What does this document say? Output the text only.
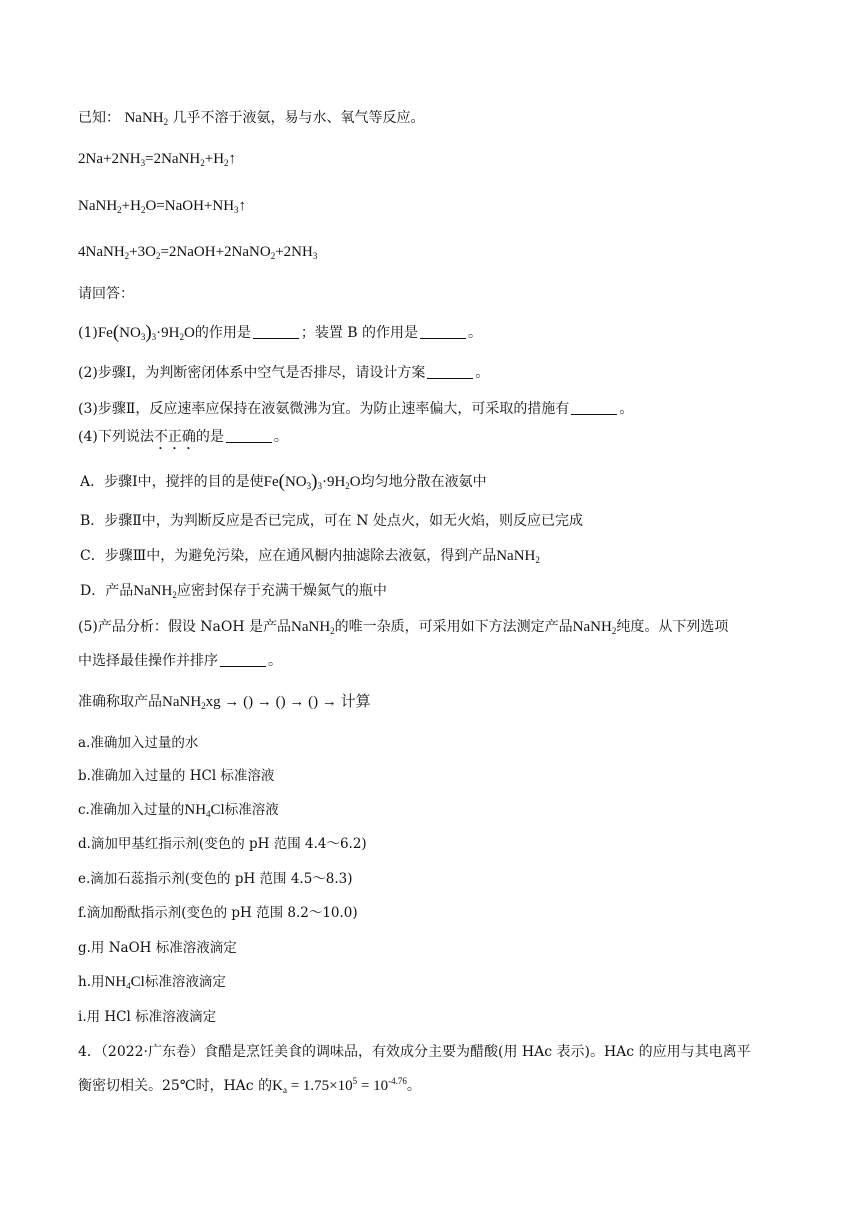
已知： NaNH$_2$ 几乎不溶于液氨，易与水、氧气等反应。
$2Na+2NH_3=2NaNH_2+H_2↑$
$NaNH_2+H_2O=NaOH+NH_3↑$
$4NaNH_2+3O_2=2NaOH+2NaNO_2+2NH_3$
请回答：
$(1)Fe(NO_3)_3\cdot 9H_2O$的作用是	；装置 B 的作用是	。
(2)步骤Ⅰ，为判断密闭体系中空气是否排尽，请设计方案	。
(3)步骤Ⅱ，反应速率应保持在液氨微沸为宜。为防止速率偏大，可采取的措施有	。
(4)下列说法不正确的是	。
A．步骤Ⅰ中，搅拌的目的是使$Fe(NO_3)_3\cdot 9H_2O$均匀地分散在液氨中
B．步骤Ⅱ中，为判断反应是否已完成，可在 N 处点火，如无火焰，则反应已完成
C．步骤Ⅲ中，为避免污染，应在通风橱内抽滤除去液氨，得到产品NaNH$_2$
D．产品NaNH$_2$应密封保存于充满干燥氮气的瓶中
(5)产品分析：假设 NaOH 是产品NaNH$_2$的唯一杂质，可采用如下方法测定产品NaNH$_2$纯度。从下列选项
中选择最佳操作并排序	。
准确称取产品NaNH$_2$xg → () → () → () → 计算
a.准确加入过量的水
b.准确加入过量的 HCl 标准溶液
c.准确加入过量的$NH_4Cl$标准溶液
d.滴加甲基红指示剂(变色的 pH 范围 4.4～6.2)
e.滴加石蕊指示剂(变色的 pH 范围 4.5～8.3)
f.滴加酚酞指示剂(变色的 pH 范围 8.2～10.0)
g.用 NaOH 标准溶液滴定
h.用$NH_4Cl$标准溶液滴定
i.用 HCl 标准溶液滴定
4．（2022·广东卷）食醋是烹饪美食的调味品，有效成分主要为醋酸(用 HAc 表示)。HAc 的应用与其电离平
衡密切相关。25℃时，HAc 的$K_a = 1.75\times 10^5 = 10^{-4.76}$。
